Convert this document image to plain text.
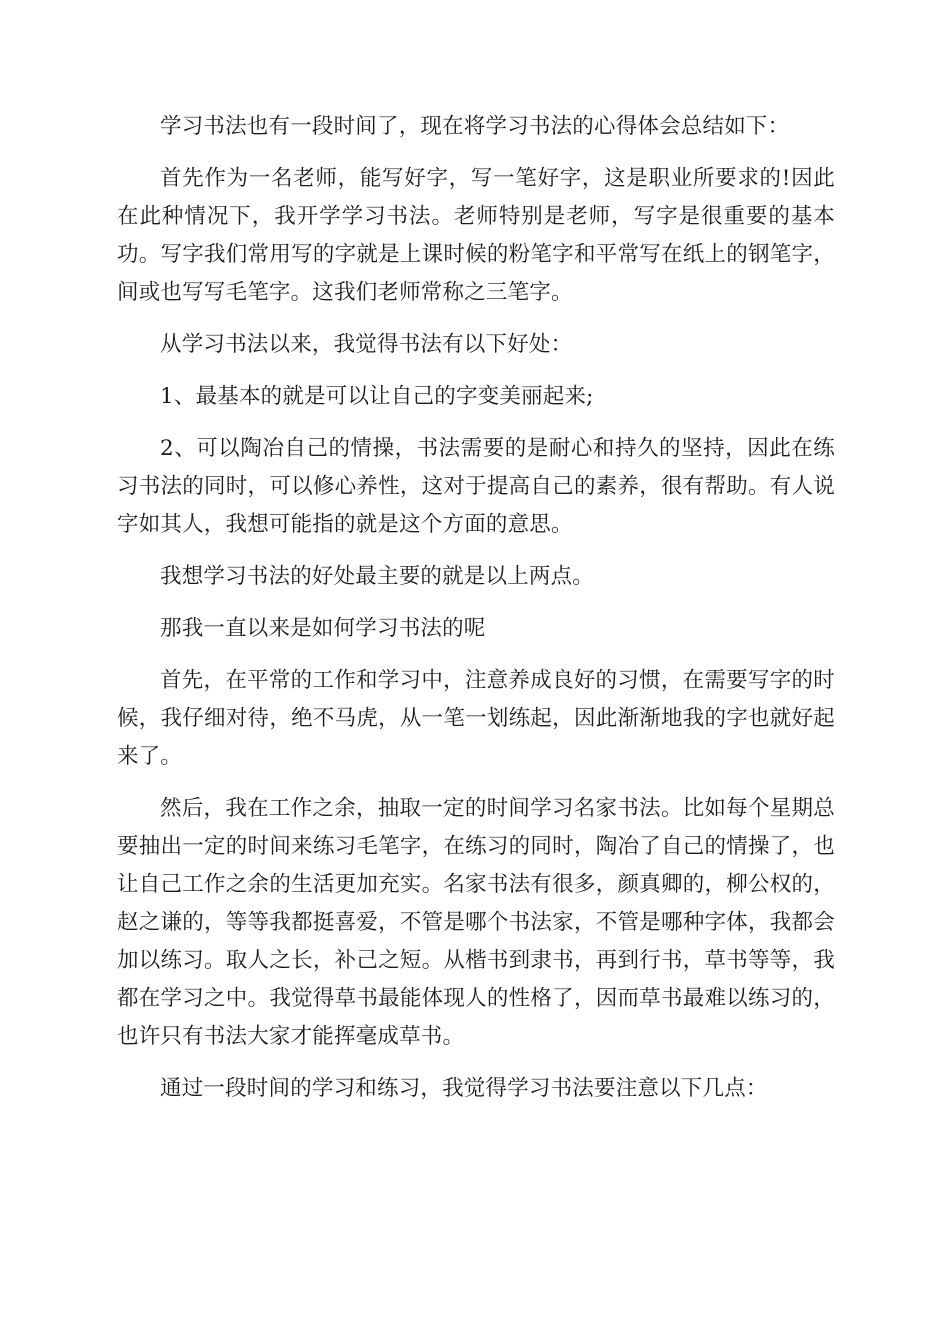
学习书法也有一段时间了，现在将学习书法的心得体会总结如下：

首先作为一名老师，能写好字，写一笔好字，这是职业所要求的!因此在此种情况下，我开学学习书法。老师特别是老师，写字是很重要的基本功。写字我们常用写的字就是上课时候的粉笔字和平常写在纸上的钢笔字，间或也写写毛笔字。这我们老师常称之三笔字。

从学习书法以来，我觉得书法有以下好处：

1、最基本的就是可以让自己的字变美丽起来;

2、可以陶冶自己的情操，书法需要的是耐心和持久的坚持，因此在练习书法的同时，可以修心养性，这对于提高自己的素养，很有帮助。有人说字如其人，我想可能指的就是这个方面的意思。

我想学习书法的好处最主要的就是以上两点。

那我一直以来是如何学习书法的呢

首先，在平常的工作和学习中，注意养成良好的习惯，在需要写字的时候，我仔细对待，绝不马虎，从一笔一划练起，因此渐渐地我的字也就好起来了。

然后，我在工作之余，抽取一定的时间学习名家书法。比如每个星期总要抽出一定的时间来练习毛笔字，在练习的同时，陶冶了自己的情操了，也让自己工作之余的生活更加充实。名家书法有很多，颜真卿的，柳公权的，赵之谦的，等等我都挺喜爱，不管是哪个书法家，不管是哪种字体，我都会加以练习。取人之长，补己之短。从楷书到隶书，再到行书，草书等等，我都在学习之中。我觉得草书最能体现人的性格了，因而草书最难以练习的，也许只有书法大家才能挥毫成草书。

通过一段时间的学习和练习，我觉得学习书法要注意以下几点：
